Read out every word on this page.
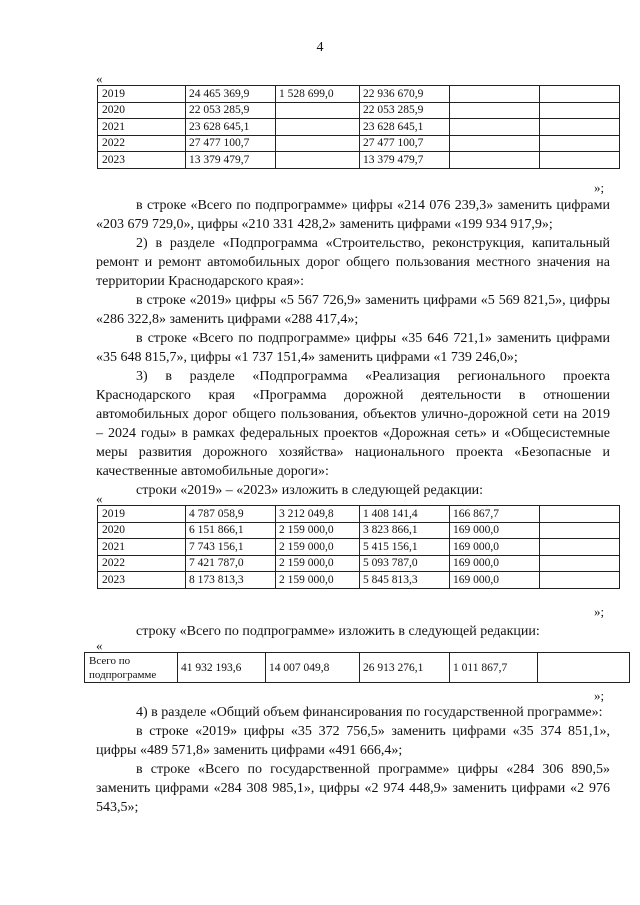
4
«
2019	24 465 369,9	1 528 699,0	22 936 670,9		
2020	22 053 285,9		22 053 285,9		
2021	23 628 645,1		23 628 645,1		
2022	27 477 100,7		27 477 100,7		
2023	13 379 479,7		13 379 479,7		
»;

в строке «Всего по подпрограмме» цифры «214 076 239,3» заменить цифрами «203 679 729,0», цифры «210 331 428,2» заменить цифрами «199 934 917,9»;

2) в разделе «Подпрограмма «Строительство, реконструкция, капитальный ремонт и ремонт автомобильных дорог общего пользования местного значения на территории Краснодарского края»:

в строке «2019» цифры «5 567 726,9» заменить цифрами «5 569 821,5», цифры «286 322,8» заменить цифрами «288 417,4»;

в строке «Всего по подпрограмме» цифры «35 646 721,1» заменить цифрами «35 648 815,7», цифры «1 737 151,4» заменить цифрами «1 739 246,0»;

3) в разделе «Подпрограмма «Реализация регионального проекта Краснодарского края «Программа дорожной деятельности в отношении автомобильных дорог общего пользования, объектов улично-дорожной сети на 2019 – 2024 годы» в рамках федеральных проектов «Дорожная сеть» и «Общесистемные меры развития дорожного хозяйства» национального проекта «Безопасные и качественные автомобильные дороги»:

строки «2019» – «2023» изложить в следующей редакции:

«
2019	4 787 058,9	3 212 049,8	1 408 141,4	166 867,7	
2020	6 151 866,1	2 159 000,0	3 823 866,1	169 000,0	
2021	7 743 156,1	2 159 000,0	5 415 156,1	169 000,0	
2022	7 421 787,0	2 159 000,0	5 093 787,0	169 000,0	
2023	8 173 813,3	2 159 000,0	5 845 813,3	169 000,0	
»;

строку «Всего по подпрограмме» изложить в следующей редакции:

«
Всего по подпрограмме	41 932 193,6	14 007 049,8	26 913 276,1	1 011 867,7	
»;

4) в разделе «Общий объем финансирования по государственной программе»:

в строке «2019» цифры «35 372 756,5» заменить цифрами «35 374 851,1», цифры «489 571,8» заменить цифрами «491 666,4»;

в строке «Всего по государственной программе» цифры «284 306 890,5» заменить цифрами «284 308 985,1», цифры «2 974 448,9» заменить цифрами «2 976 543,5»;
